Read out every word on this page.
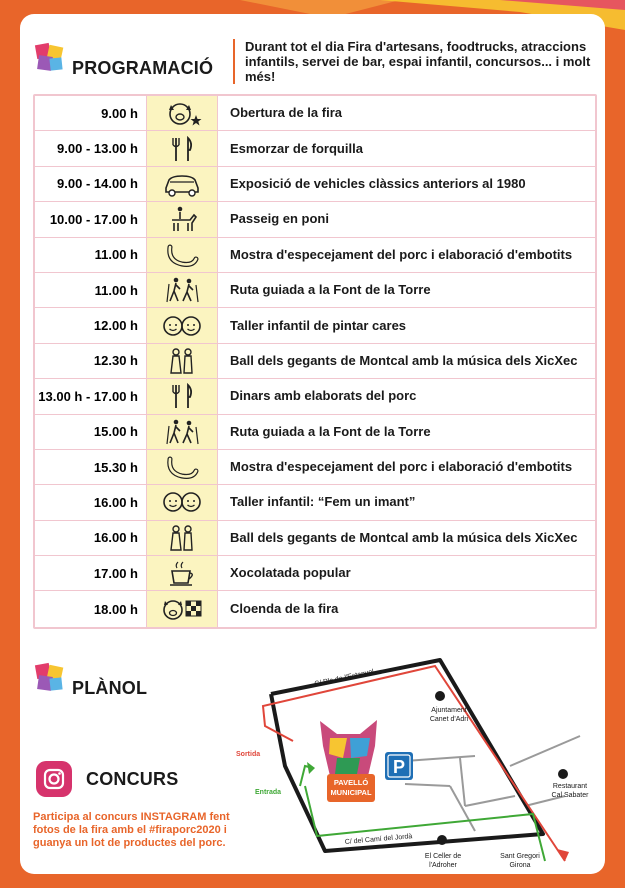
PROGRAMACIÓ
Durant tot el dia Fira d'artesans, foodtrucks, atraccions infantils, servei de bar, espai infantil, concursos... i molt més!
9.00 h	Obertura de la fira
9.00 - 13.00 h	Esmorzar de forquilla
9.00 - 14.00 h	Exposició de vehicles clàssics anteriors al 1980
10.00 - 17.00 h	Passeig en poni
11.00 h	Mostra d'especejament del porc i elaboració d'embotits
11.00 h	Ruta guiada a la Font de la Torre
12.00 h	Taller infantil de pintar cares
12.30 h	Ball dels gegants de Montcal amb la música dels XicXec
13.00 h - 17.00 h	Dinars amb elaborats del porc
15.00 h	Ruta guiada a la Font de la Torre
15.30 h	Mostra d'especejament del porc i elaboració d'embotits
16.00 h	Taller infantil: “Fem un imant”
16.00 h	Ball dels gegants de Montcal amb la música dels XicXec
17.00 h	Xocolatada popular
18.00 h	Cloenda de la fira
PLÀNOL
CONCURS
Participa al concurs INSTAGRAM fent fotos de la fira amb el #firaporc2020 i guanya un lot de productes del porc.
PAVELLÓ
MUNICIPAL
P
C/ Pla de l'Estanyol
C/ del Camí del Jordà
Sortida
Entrada
Ajuntament
Canet d'Adri
Restaurant
Cal Sabater
El Celler de
l'Adroher
Sant Gregori
Girona
